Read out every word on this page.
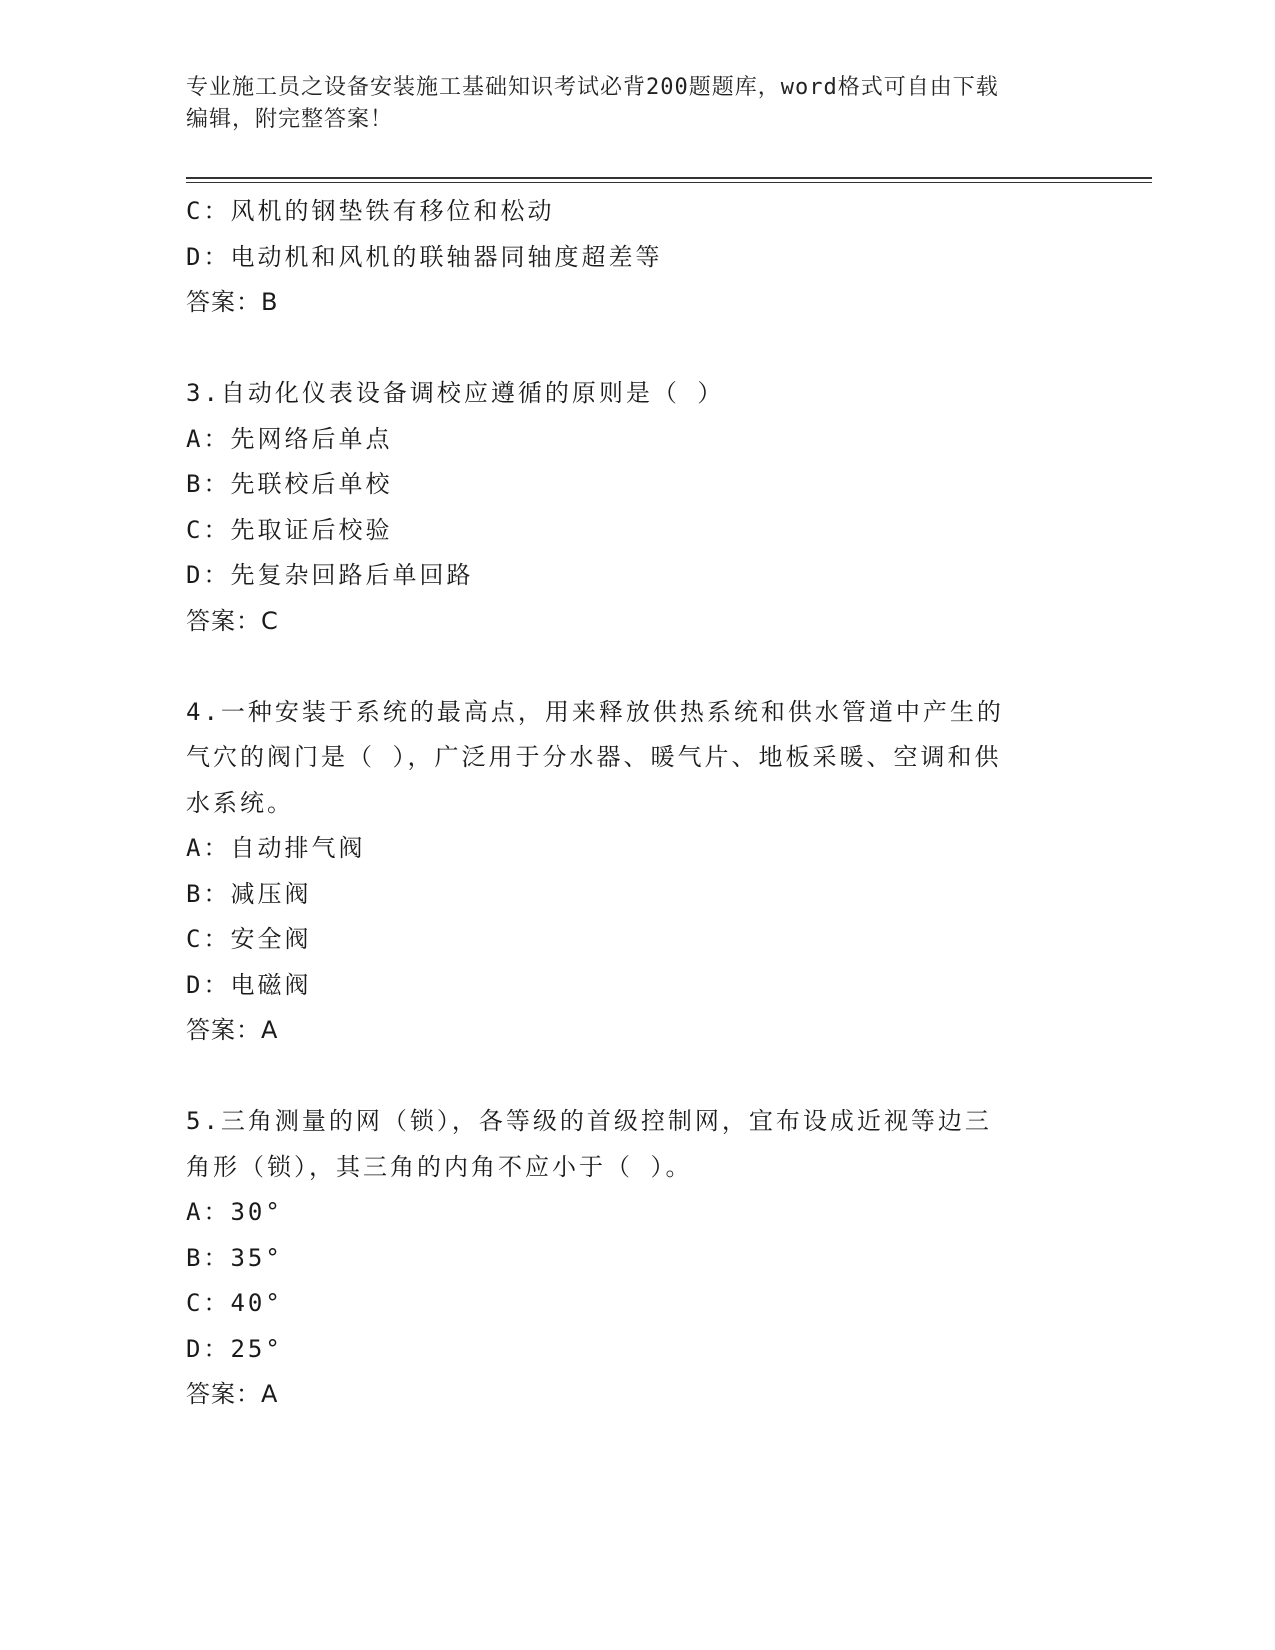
专业施工员之设备安装施工基础知识考试必背200题题库，word格式可自由下载
编辑，附完整答案！
C：风机的钢垫铁有移位和松动
D：电动机和风机的联轴器同轴度超差等
答案：B
3.自动化仪表设备调校应遵循的原则是（ ）
A：先网络后单点
B：先联校后单校
C：先取证后校验
D：先复杂回路后单回路
答案：C
4.一种安装于系统的最高点，用来释放供热系统和供水管道中产生的
气穴的阀门是（ ），广泛用于分水器、暖气片、地板采暖、空调和供
水系统。
A：自动排气阀
B：减压阀
C：安全阀
D：电磁阀
答案：A
5.三角测量的网（锁），各等级的首级控制网，宜布设成近视等边三
角形（锁），其三角的内角不应小于（ ）。
A：30°
B：35°
C：40°
D：25°
答案：A
